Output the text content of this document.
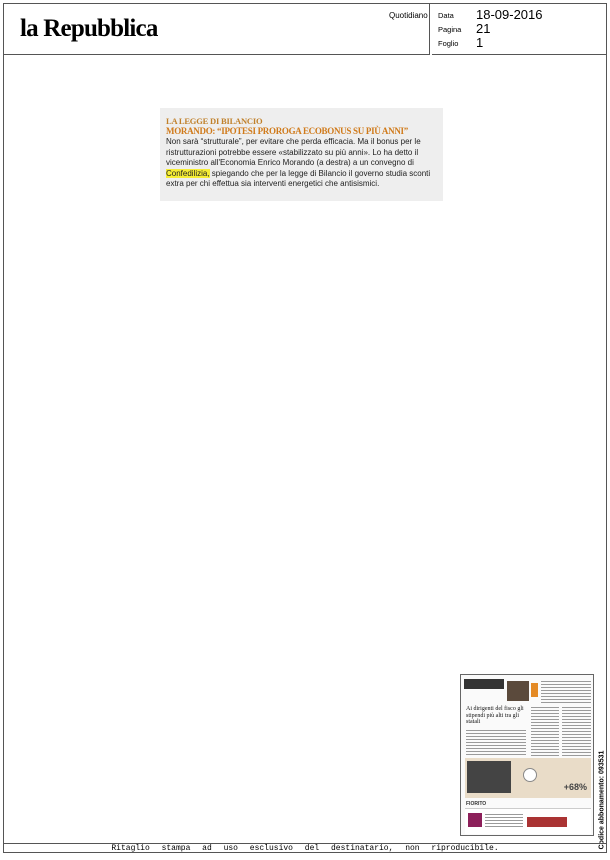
la Repubblica	Quotidiano Data 18-09-2016
Pagina 21
Foglio 1
LA LEGGE DI BILANCIO
MORANDO: “IPOTESI PROROGA ECOBONUS SU PIÙ ANNI”
Non sarà “strutturale”, per evitare che perda efficacia. Ma il bonus per le ristrutturazioni potrebbe essere «stabilizzato su più anni». Lo ha detto il viceministro all'Economia Enrico Morando (a destra) a un convegno di Confedilizia, spiegando che per la legge di Bilancio il governo studia sconti extra per chi effettua sia interventi energetici che antisismici.
Ai dirigenti del fisco gli stipendi più alti tra gli statali
+68%
FIORITO	Codice abbonamento: 093531
Ritaglio stampa ad uso esclusivo del destinatario, non riproducibile.
